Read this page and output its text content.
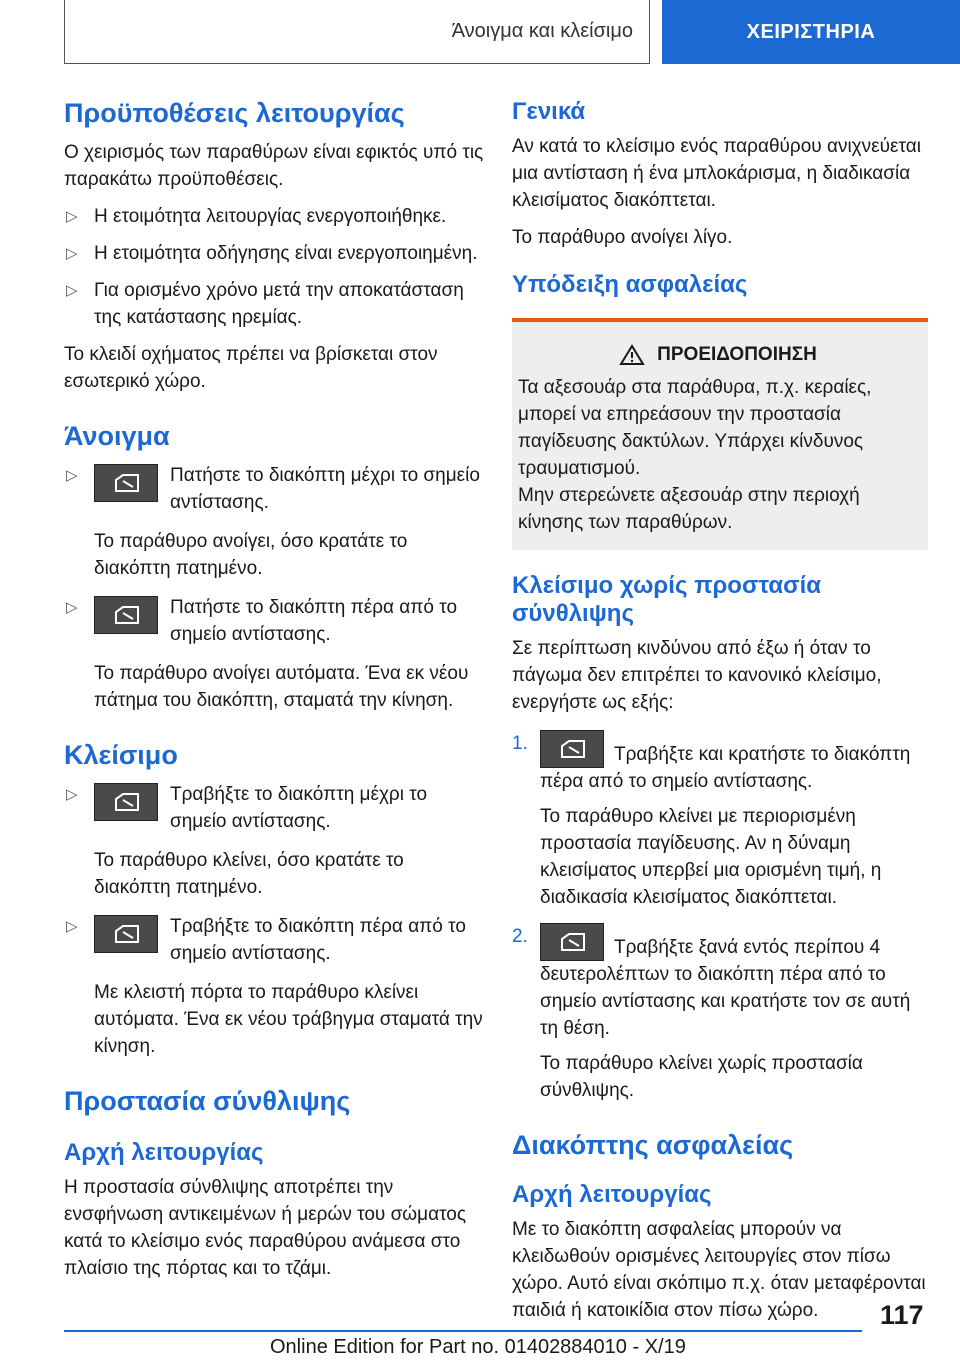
Άνοιγμα και κλείσιμο	ΧΕΙΡΙΣΤΗΡΙΑ
Προϋποθέσεις λειτουργίας

Ο χειρισμός των παραθύρων είναι εφικτός υπό τις παρακάτω προϋποθέσεις.

▷ Η ετοιμότητα λειτουργίας ενεργοποιήθηκε.
▷ Η ετοιμότητα οδήγησης είναι ενεργοποιημένη.
▷ Για ορισμένο χρόνο μετά την αποκατάσταση της κατάστασης ηρεμίας.

Το κλειδί οχήματος πρέπει να βρίσκεται στον εσωτερικό χώρο.

Άνοιγμα
▷	Πατήστε το διακόπτη μέχρι το σημείο αντίστασης.
Το παράθυρο ανοίγει, όσο κρατάτε το διακόπτη πατημένο.
▷	Πατήστε το διακόπτη πέρα από το σημείο αντίστασης.
Το παράθυρο ανοίγει αυτόματα. Ένα εκ νέου πάτημα του διακόπτη, σταματά την κίνηση.
Κλείσιμο
▷	Τραβήξτε το διακόπτη μέχρι το σημείο αντίστασης.
Το παράθυρο κλείνει, όσο κρατάτε το διακόπτη πατημένο.
▷	Τραβήξτε το διακόπτη πέρα από το σημείο αντίστασης.
Με κλειστή πόρτα το παράθυρο κλείνει αυτόματα. Ένα εκ νέου τράβηγμα σταματά την κίνηση.
Προστασία σύνθλιψης
Αρχή λειτουργίας

Η προστασία σύνθλιψης αποτρέπει την ενσφήνωση αντικειμένων ή μερών του σώματος κατά το κλείσιμο ενός παραθύρου ανάμεσα στο πλαίσιο της πόρτας και το τζάμι.

Γενικά

Αν κατά το κλείσιμο ενός παραθύρου ανιχνεύεται μια αντίσταση ή ένα μπλοκάρισμα, η διαδικασία κλεισίματος διακόπτεται.

Το παράθυρο ανοίγει λίγο.

Υπόδειξη ασφαλείας
ΠΡΟΕΙΔΟΠΟΙΗΣΗ

Τα αξεσουάρ στα παράθυρα, π.χ. κεραίες, μπορεί να επηρεάσουν την προστασία παγίδευσης δακτύλων. Υπάρχει κίνδυνος τραυματισμού.

Μην στερεώνετε αξεσουάρ στην περιοχή κίνησης των παραθύρων.

Κλείσιμο χωρίς προστασία σύνθλιψης

Σε περίπτωση κινδύνου από έξω ή όταν το πάγωμα δεν επιτρέπει το κανονικό κλείσιμο, ενεργήστε ως εξής:

1.
Τραβήξτε και κρατήστε το διακόπτη πέρα από το σημείο αντίστασης.
Το παράθυρο κλείνει με περιορισμένη προστασία παγίδευσης. Αν η δύναμη κλεισίματος υπερβεί μια ορισμένη τιμή, η διαδικασία κλεισίματος διακόπτεται.
2.
Τραβήξτε ξανά εντός περίπου 4 δευτερολέπτων το διακόπτη πέρα από το σημείο αντίστασης και κρατήστε τον σε αυτή τη θέση.
Το παράθυρο κλείνει χωρίς προστασία σύνθλιψης.
Διακόπτης ασφαλείας
Αρχή λειτουργίας

Με το διακόπτη ασφαλείας μπορούν να κλειδωθούν ορισμένες λειτουργίες στον πίσω χώρο. Αυτό είναι σκόπιμο π.χ. όταν μεταφέρονται παιδιά ή κατοικίδια στον πίσω χώρο.	117
Online Edition for Part no. 01402884010 - X/19
